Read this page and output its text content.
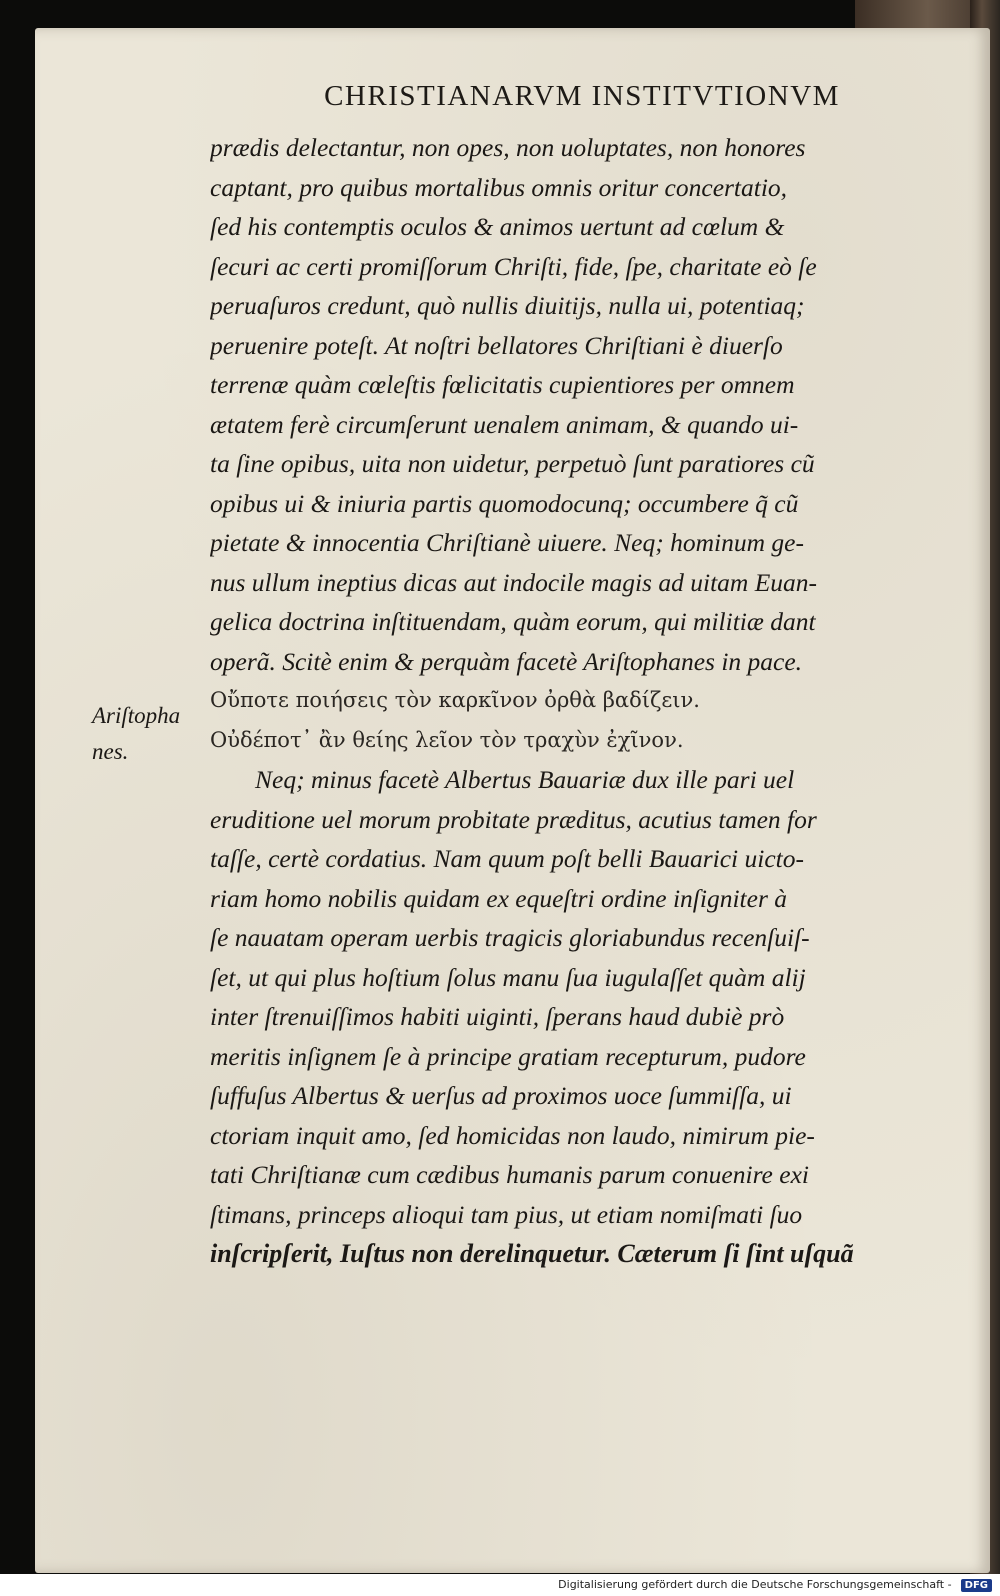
CHRISTIANARVM INSTITVTIONVM
Ariſtopha
nes.
prædis delectantur, non opes, non uoluptates, non honores
captant, pro quibus mortalibus omnis oritur concertatio,
ſed his contemptis oculos & animos uertunt ad cœlum &
ſecuri ac certi promiſſorum Chriſti, fide, ſpe, charitate eò ſe
peruaſuros credunt, quò nullis diuitijs, nulla ui, potentiaq;
peruenire poteſt. At noſtri bellatores Chriſtiani è diuerſo
terrenæ quàm cœleſtis fœlicitatis cupientiores per omnem
ætatem ferè circumſerunt uenalem animam, & quando ui-
ta ſine opibus, uita non uidetur, perpetuò ſunt paratiores cũ
opibus ui & iniuria partis quomodocunq; occumbere q̃ cũ
pietate & innocentia Chriſtianè uiuere. Neq; hominum ge-
nus ullum ineptius dicas aut indocile magis ad uitam Euan-
gelica doctrina inſtituendam, quàm eorum, qui militiæ dant
operã. Scitè enim & perquàm facetè Ariſtophanes in pace.
Οὔποτε ποιήσεις τὸν καρκῖνον ὀρθὰ βαδίζειν.
Οὐδέποτ᾽ ἂν θείης λεῖον τὸν τραχὺν ἐχῖνον.
Neq; minus facetè Albertus Bauariæ dux ille pari uel
eruditione uel morum probitate præditus, acutius tamen for
taſſe, certè cordatius. Nam quum poſt belli Bauarici uicto-
riam homo nobilis quidam ex equeſtri ordine inſigniter à
ſe nauatam operam uerbis tragicis gloriabundus recenſuiſ-
ſet, ut qui plus hoſtium ſolus manu ſua iugulaſſet quàm alij
inter ſtrenuiſſimos habiti uiginti, ſperans haud dubiè prò
meritis inſignem ſe à principe gratiam recepturum, pudore
ſuffuſus Albertus & uerſus ad proximos uoce ſummiſſa, ui
ctoriam inquit amo, ſed homicidas non laudo, nimirum pie-
tati Chriſtianæ cum cædibus humanis parum conuenire exi
ſtimans, princeps alioqui tam pius, ut etiam nomiſmati ſuo
inſcripſerit, Iuſtus non derelinquetur. Cæterum ſi ſint uſquã
Digitalisierung gefördert durch die Deutsche Forschungsgemeinschaft - DFG
